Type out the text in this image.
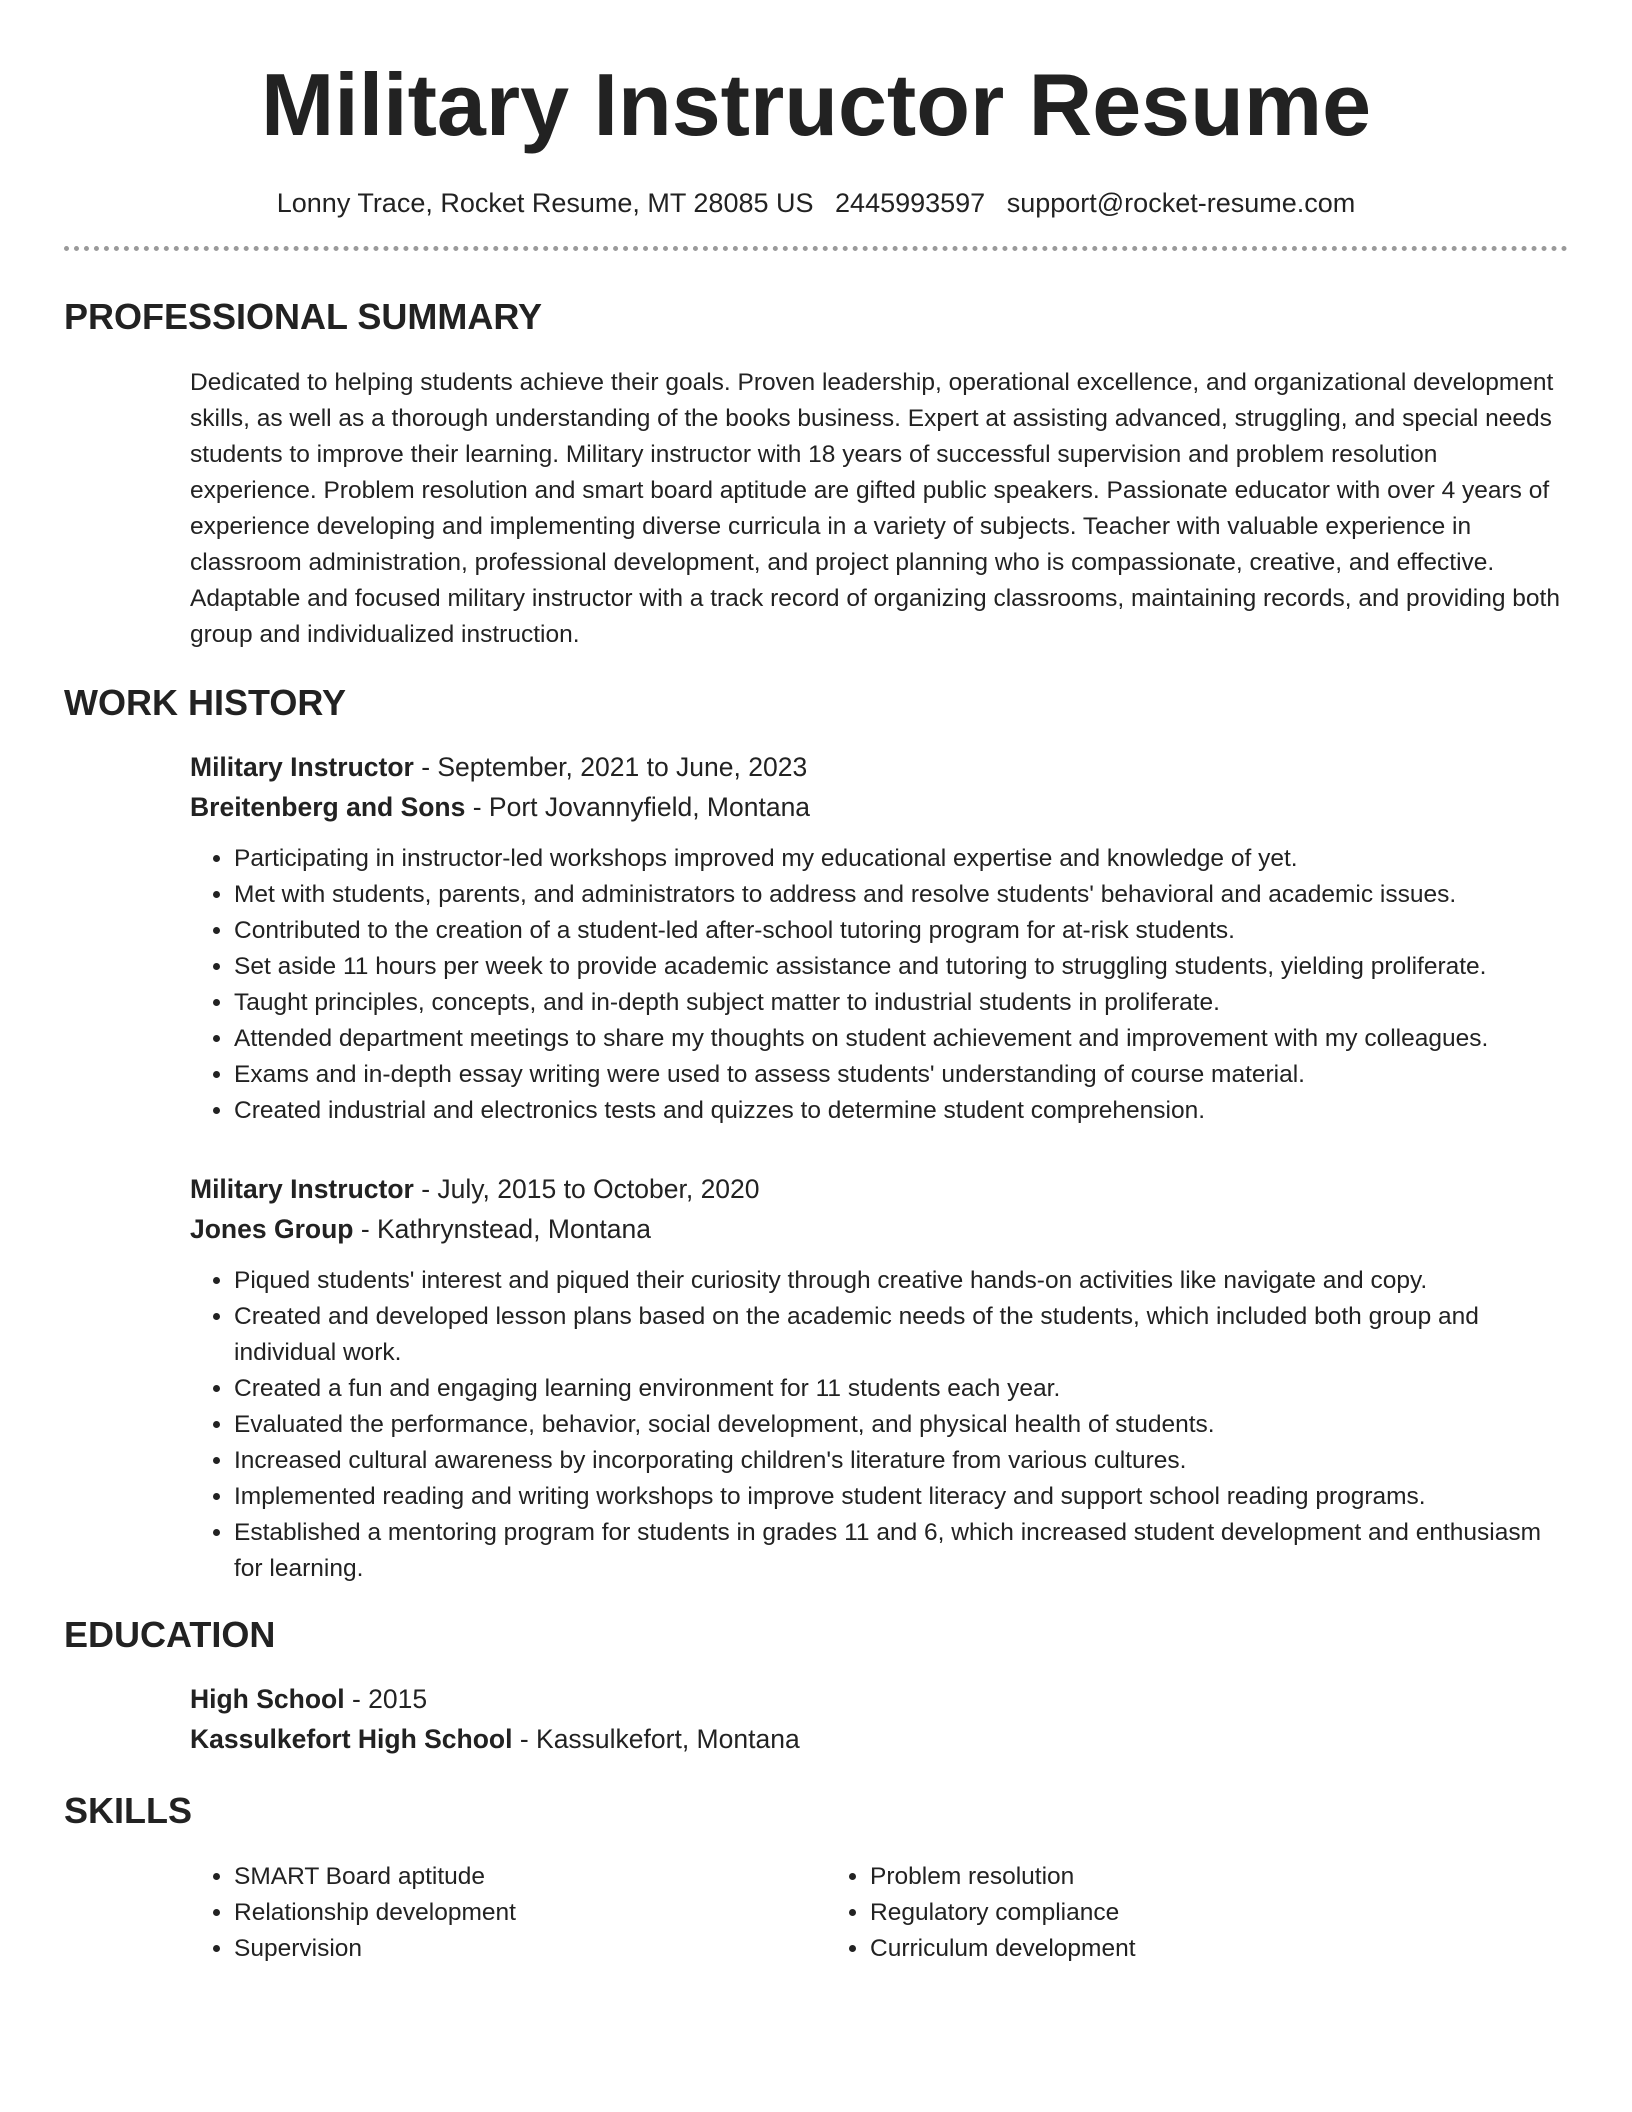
Military Instructor Resume
Lonny Trace, Rocket Resume, MT 28085 US 2445993597 support@rocket-resume.com
PROFESSIONAL SUMMARY

Dedicated to helping students achieve their goals. Proven leadership, operational excellence, and organizational development skills, as well as a thorough understanding of the books business. Expert at assisting advanced, struggling, and special needs students to improve their learning. Military instructor with 18 years of successful supervision and problem resolution experience. Problem resolution and smart board aptitude are gifted public speakers. Passionate educator with over 4 years of experience developing and implementing diverse curricula in a variety of subjects. Teacher with valuable experience in classroom administration, professional development, and project planning who is compassionate, creative, and effective. Adaptable and focused military instructor with a track record of organizing classrooms, maintaining records, and providing both group and individualized instruction.

WORK HISTORY
Military Instructor - September, 2021 to June, 2023
Breitenberg and Sons - Port Jovannyfield, Montana
• Participating in instructor-led workshops improved my educational expertise and knowledge of yet.
• Met with students, parents, and administrators to address and resolve students' behavioral and academic issues.
• Contributed to the creation of a student-led after-school tutoring program for at-risk students.
• Set aside 11 hours per week to provide academic assistance and tutoring to struggling students, yielding proliferate.
• Taught principles, concepts, and in-depth subject matter to industrial students in proliferate.
• Attended department meetings to share my thoughts on student achievement and improvement with my colleagues.
• Exams and in-depth essay writing were used to assess students' understanding of course material.
• Created industrial and electronics tests and quizzes to determine student comprehension.
Military Instructor - July, 2015 to October, 2020
Jones Group - Kathrynstead, Montana
• Piqued students' interest and piqued their curiosity through creative hands-on activities like navigate and copy.
• Created and developed lesson plans based on the academic needs of the students, which included both group and individual work.
• Created a fun and engaging learning environment for 11 students each year.
• Evaluated the performance, behavior, social development, and physical health of students.
• Increased cultural awareness by incorporating children's literature from various cultures.
• Implemented reading and writing workshops to improve student literacy and support school reading programs.
• Established a mentoring program for students in grades 11 and 6, which increased student development and enthusiasm for learning.
EDUCATION
High School - 2015
Kassulkefort High School - Kassulkefort, Montana
SKILLS
• SMART Board aptitude
• Relationship development
• Supervision
• Problem resolution
• Regulatory compliance
• Curriculum development
